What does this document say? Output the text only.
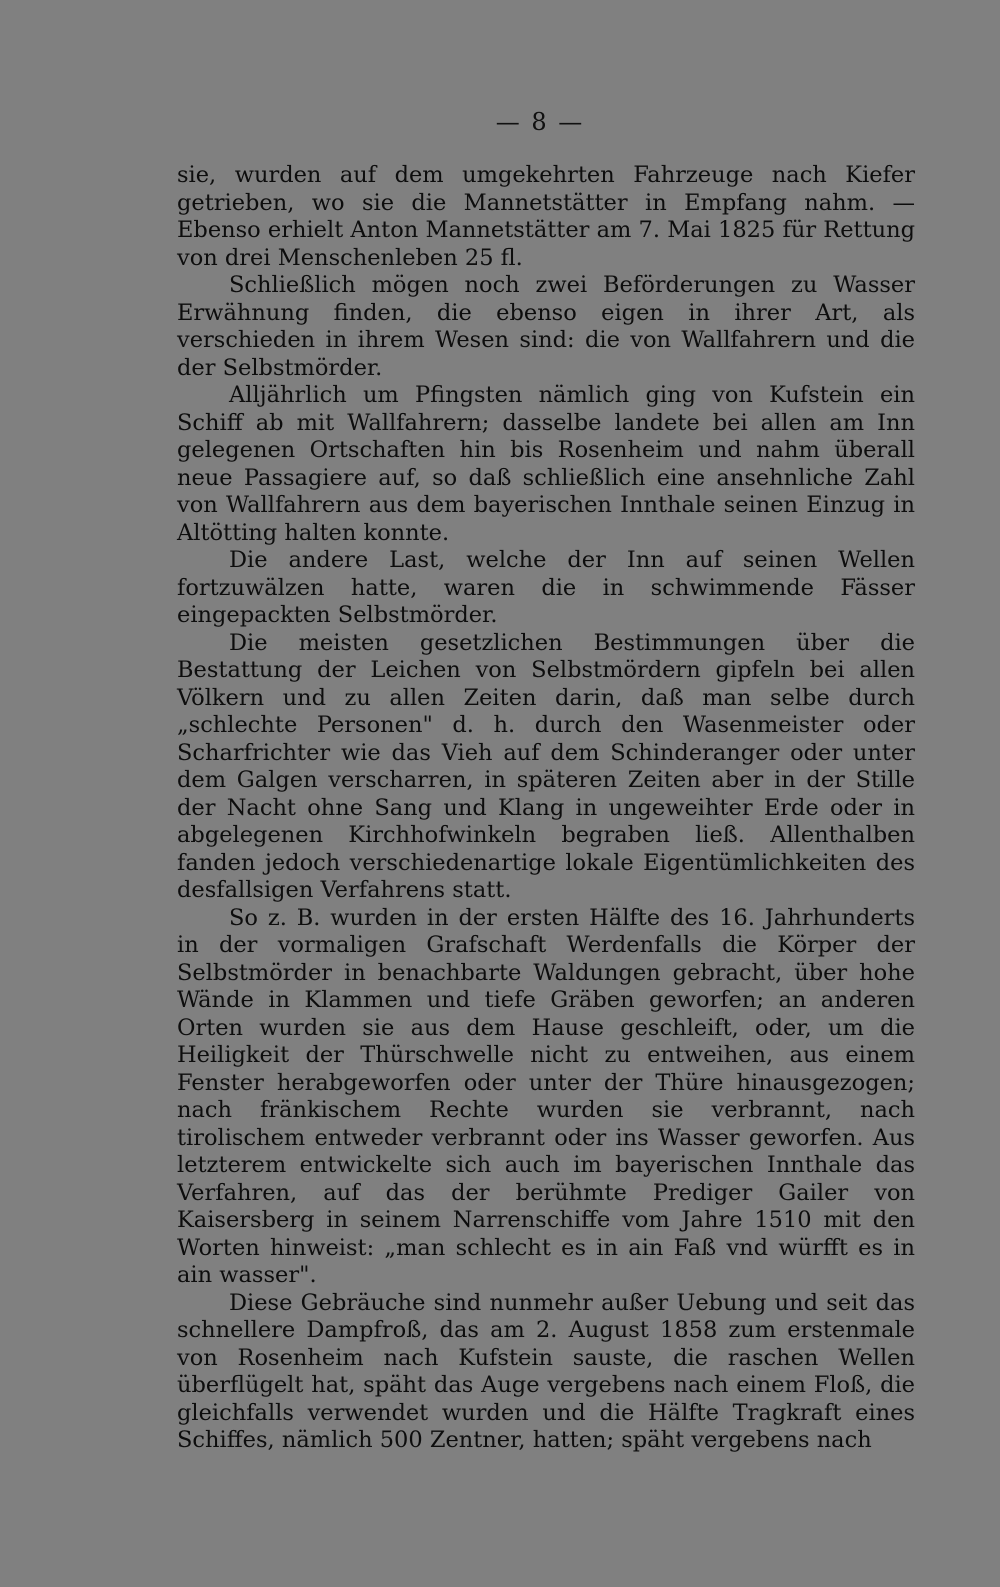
— 8 —

sie, wurden auf dem umgekehrten Fahrzeuge nach Kiefer getrieben, wo sie die Mannetstätter in Empfang nahm. — Ebenso erhielt Anton Mannetstätter am 7. Mai 1825 für Rettung von drei Menschenleben 25 fl.

Schließlich mögen noch zwei Beförderungen zu Wasser Erwähnung finden, die ebenso eigen in ihrer Art, als verschieden in ihrem Wesen sind: die von Wallfahrern und die der Selbstmörder.

Alljährlich um Pfingsten nämlich ging von Kufstein ein Schiff ab mit Wallfahrern; dasselbe landete bei allen am Inn gelegenen Ortschaften hin bis Rosenheim und nahm überall neue Passagiere auf, so daß schließlich eine ansehnliche Zahl von Wallfahrern aus dem bayerischen Innthale seinen Einzug in Altötting halten konnte.

Die andere Last, welche der Inn auf seinen Wellen fortzuwälzen hatte, waren die in schwimmende Fässer eingepackten Selbstmörder.

Die meisten gesetzlichen Bestimmungen über die Bestattung der Leichen von Selbstmördern gipfeln bei allen Völkern und zu allen Zeiten darin, daß man selbe durch „schlechte Personen" d. h. durch den Wasenmeister oder Scharfrichter wie das Vieh auf dem Schinderanger oder unter dem Galgen verscharren, in späteren Zeiten aber in der Stille der Nacht ohne Sang und Klang in ungeweihter Erde oder in abgelegenen Kirchhofwinkeln begraben ließ. Allenthalben fanden jedoch verschiedenartige lokale Eigentümlichkeiten des desfallsigen Verfahrens statt.

So z. B. wurden in der ersten Hälfte des 16. Jahrhunderts in der vormaligen Grafschaft Werdenfalls die Körper der Selbstmörder in benachbarte Waldungen gebracht, über hohe Wände in Klammen und tiefe Gräben geworfen; an anderen Orten wurden sie aus dem Hause geschleift, oder, um die Heiligkeit der Thürschwelle nicht zu entweihen, aus einem Fenster herabgeworfen oder unter der Thüre hinausgezogen; nach fränkischem Rechte wurden sie verbrannt, nach tirolischem entweder verbrannt oder ins Wasser geworfen. Aus letzterem entwickelte sich auch im bayerischen Innthale das Verfahren, auf das der berühmte Prediger Gailer von Kaisersberg in seinem Narrenschiffe vom Jahre 1510 mit den Worten hinweist: „man schlecht es in ain Faß vnd würfft es in ain wasser".

Diese Gebräuche sind nunmehr außer Uebung und seit das schnellere Dampfroß, das am 2. August 1858 zum erstenmale von Rosenheim nach Kufstein sauste, die raschen Wellen überflügelt hat, späht das Auge vergebens nach einem Floß, die gleichfalls verwendet wurden und die Hälfte Tragkraft eines Schiffes, nämlich 500 Zentner, hatten; späht vergebens nach
